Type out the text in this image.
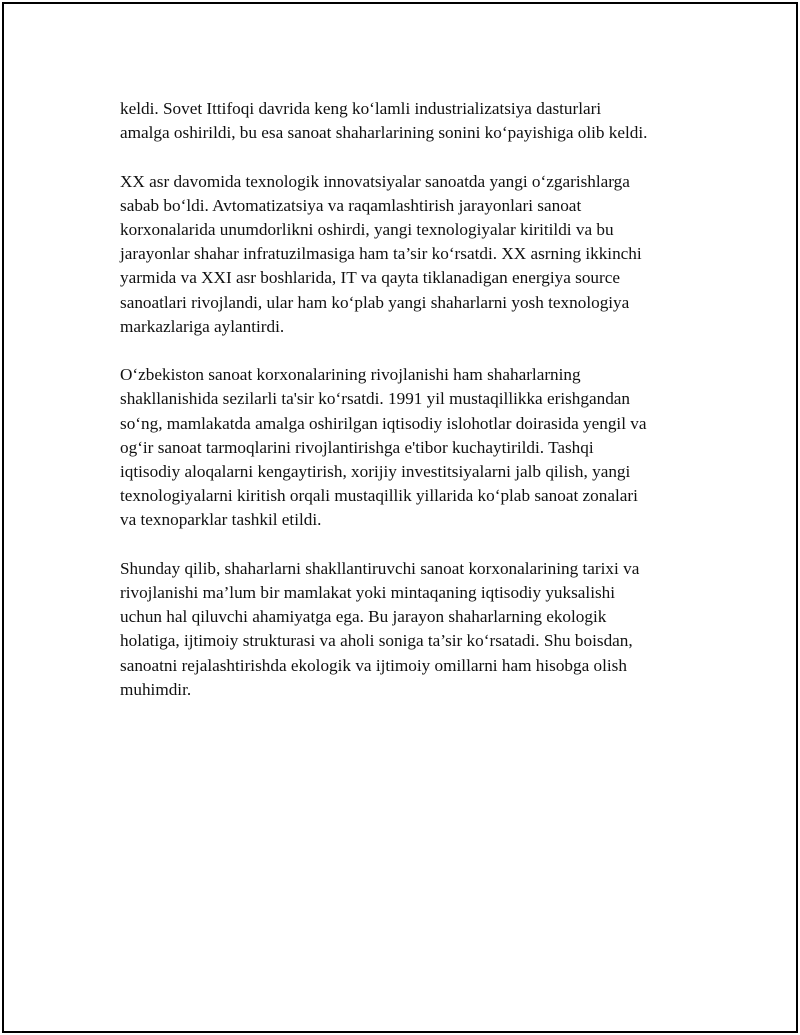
keldi. Sovet Ittifoqi davrida keng ko‘lamli industrializatsiya dasturlari
amalga oshirildi, bu esa sanoat shaharlarining sonini ko‘payishiga olib keldi.

XX asr davomida texnologik innovatsiyalar sanoatda yangi o‘zgarishlarga
sabab bo‘ldi. Avtomatizatsiya va raqamlashtirish jarayonlari sanoat
korxonalarida unumdorlikni oshirdi, yangi texnologiyalar kiritildi va bu
jarayonlar shahar infratuzilmasiga ham ta’sir ko‘rsatdi. XX asrning ikkinchi
yarmida va XXI asr boshlarida, IT va qayta tiklanadigan energiya source
sanoatlari rivojlandi, ular ham ko‘plab yangi shaharlarni yosh texnologiya
markazlariga aylantirdi.

O‘zbekiston sanoat korxonalarining rivojlanishi ham shaharlarning
shakllanishida sezilarli ta'sir ko‘rsatdi. 1991 yil mustaqillikka erishgandan
so‘ng, mamlakatda amalga oshirilgan iqtisodiy islohotlar doirasida yengil va
og‘ir sanoat tarmoqlarini rivojlantirishga e'tibor kuchaytirildi. Tashqi
iqtisodiy aloqalarni kengaytirish, xorijiy investitsiyalarni jalb qilish, yangi
texnologiyalarni kiritish orqali mustaqillik yillarida ko‘plab sanoat zonalari
va texnoparklar tashkil etildi.

Shunday qilib, shaharlarni shakllantiruvchi sanoat korxonalarining tarixi va
rivojlanishi ma’lum bir mamlakat yoki mintaqaning iqtisodiy yuksalishi
uchun hal qiluvchi ahamiyatga ega. Bu jarayon shaharlarning ekologik
holatiga, ijtimoiy strukturasi va aholi soniga ta’sir ko‘rsatadi. Shu boisdan,
sanoatni rejalashtirishda ekologik va ijtimoiy omillarni ham hisobga olish
muhimdir.
